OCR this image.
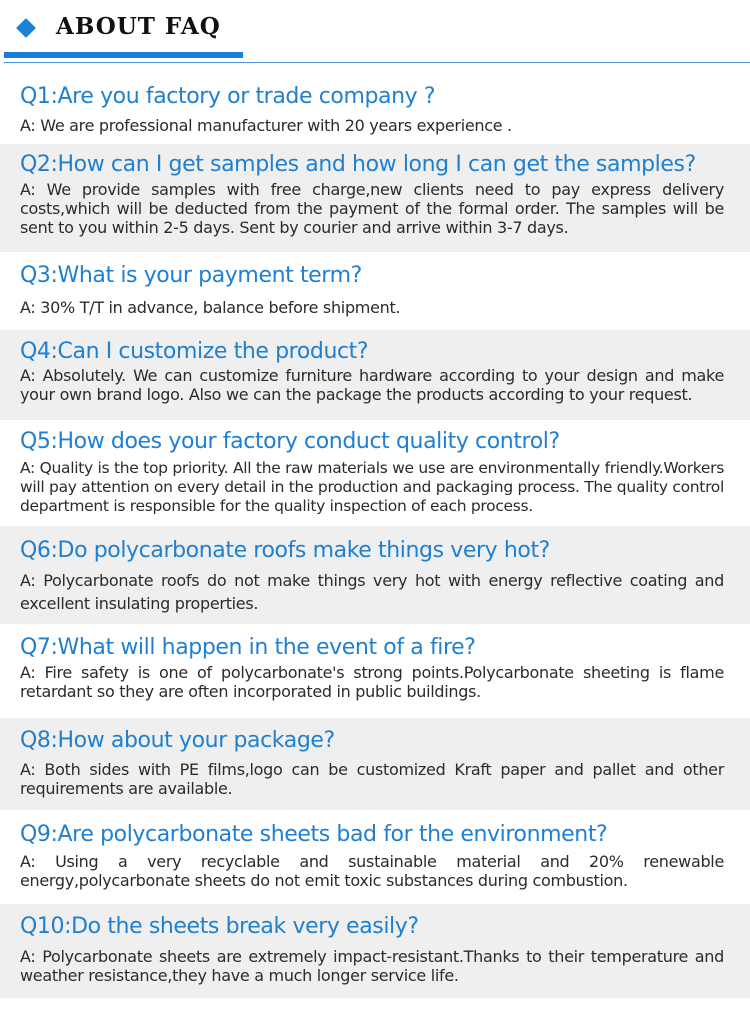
ABOUT FAQ
Q1:Are you factory or trade company ?
A: We are professional manufacturer with 20 years experience .
Q2:How can I get samples and how long I can get the samples?
A: We provide samples with free charge,new clients need to pay express delivery costs,which will be deducted from the payment of the formal order. The samples will be sent to you within 2-5 days. Sent by courier and arrive within 3-7 days.
Q3:What is your payment term?
A: 30% T/T in advance, balance before shipment.
Q4:Can I customize the product?
A: Absolutely. We can customize furniture hardware according to your design and make your own brand logo. Also we can the package the products according to your request.
Q5:How does your factory conduct quality control?
A: Quality is the top priority. All the raw materials we use are environmentally friendly.Workers will pay attention on every detail in the production and packaging process. The quality control department is responsible for the quality inspection of each process.
Q6:Do polycarbonate roofs make things very hot?
A: Polycarbonate roofs do not make things very hot with energy reflective coating and excellent insulating properties.
Q7:What will happen in the event of a fire?
A: Fire safety is one of polycarbonate's strong points.Polycarbonate sheeting is flame retardant so they are often incorporated in public buildings.
Q8:How about your package?
A: Both sides with PE films,logo can be customized Kraft paper and pallet and other requirements are available.
Q9:Are polycarbonate sheets bad for the environment?
A: Using a very recyclable and sustainable material and 20% renewable energy,polycarbonate sheets do not emit toxic substances during combustion.
Q10:Do the sheets break very easily?
A: Polycarbonate sheets are extremely impact-resistant.Thanks to their temperature and weather resistance,they have a much longer service life.
